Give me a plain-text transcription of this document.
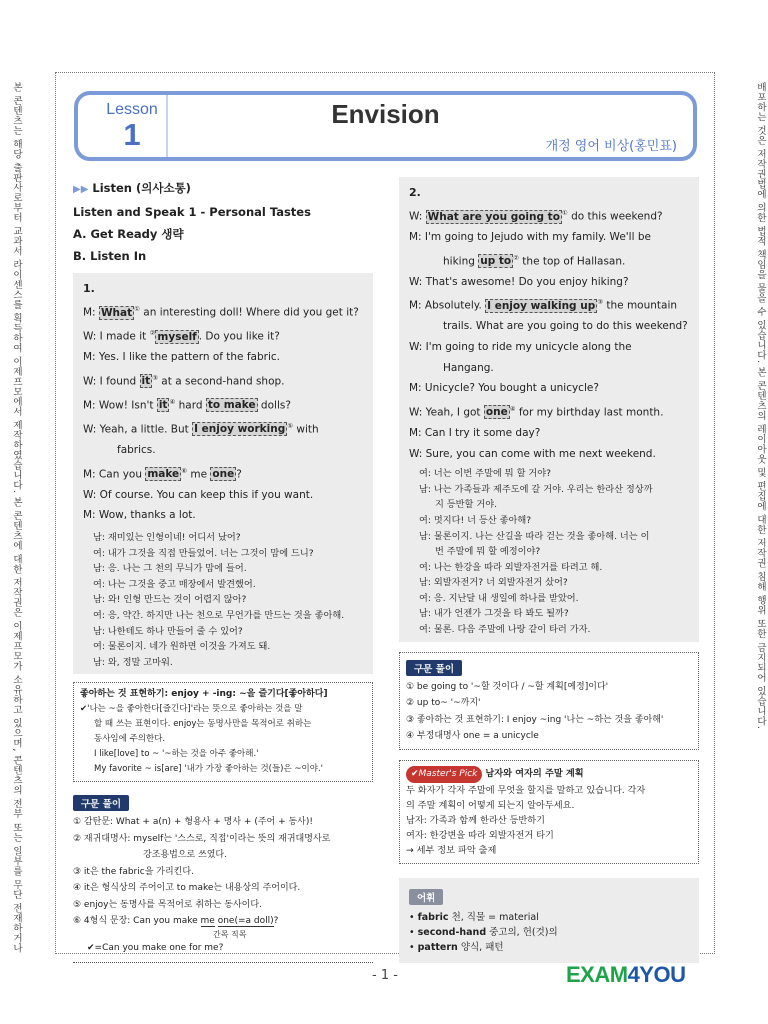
본 콘텐츠는 해당 출판사로부터 교과서 라이센스를 획득하여 이제프모에서 제작하였습니다. 본 콘텐츠에 대한 저작권은 이제프모가 소유하고 있으며, 콘텐츠의 전부 또는 일부를 무단 전재하거나	배포하는 것은 저작권법에 의한 법적 책임을 물을 수 있습니다. 본 콘텐츠의 레이아웃 및 편집에 대한 저작권 침해 행위 또한 금지되어 있습니다.
Lesson
1
Envision
개정 영어 비상(홍민표)
▶▶ Listen (의사소통)
Listen and Speak 1 - Personal Tastes
A. Get Ready 생략
B. Listen In
1.
M: What ① an interesting doll! Where did you get it?
W: I made it ② myself . Do you like it?
M: Yes. I like the pattern of the fabric.
W: I found it ③ at a second-hand shop.
M: Wow! Isn't it ④ hard to make dolls?
W: Yeah, a little. But I enjoy working ⑤ with
fabrics.
M: Can you make ⑥ me one ?
W: Of course. You can keep this if you want.
M: Wow, thanks a lot.
남: 재미있는 인형이네! 어디서 났어?
여: 내가 그것을 직접 만들었어. 너는 그것이 맘에 드니?
남: 응. 나는 그 천의 무늬가 맘에 들어.
여: 나는 그것을 중고 매장에서 발견했어.
남: 와! 인형 만드는 것이 어렵지 않아?
여: 응, 약간. 하지만 나는 천으로 무언가를 만드는 것을 좋아해.
남: 나한테도 하나 만들어 줄 수 있어?
여: 물론이지. 네가 원하면 이것을 가져도 돼.
남: 와, 정말 고마워.
좋아하는 것 표현하기: enjoy + -ing: ~을 즐기다[좋아하다]
✔'나는 ~을 좋아한다[즐긴다]'라는 뜻으로 좋아하는 것을 말
할 때 쓰는 표현이다. enjoy는 동명사만을 목적어로 취하는
동사임에 주의한다.
I like[love] to ~ '~하는 것을 아주 좋아해.'
My favorite ~ is[are] '내가 가장 좋아하는 것(들)은 ~이야.'
구문 풀이
① 감탄문: What + a(n) + 형용사 + 명사 + (주어 + 동사)!
② 재귀대명사: myself는 '스스로, 직접'이라는 뜻의 재귀대명사로
강조용법으로 쓰였다.
③ it은 the fabric을 가리킨다.
④ it은 형식상의 주어이고 to make는 내용상의 주어이다.
⑤ enjoy는 동명사를 목적어로 취하는 동사이다.
⑥ 4형식 문장: Can you make me one(=a doll)?
간목 직목
✔=Can you make one for me?
2.
W: What are you going to ① do this weekend?
M: I'm going to Jejudo with my family. We'll be
hiking up to ② the top of Hallasan.
W: That's awesome! Do you enjoy hiking?
M: Absolutely. I enjoy walking up ③ the mountain
trails. What are you going to do this weekend?
W: I'm going to ride my unicycle along the
Hangang.
M: Unicycle? You bought a unicycle?
W: Yeah, I got one ④ for my birthday last month.
M: Can I try it some day?
W: Sure, you can come with me next weekend.
여: 너는 이번 주말에 뭐 할 거야?
남: 나는 가족들과 제주도에 갈 거야. 우리는 한라산 정상까
지 등반할 거야.
여: 멋지다! 너 등산 좋아해?
남: 물론이지. 나는 산길을 따라 걷는 것을 좋아해. 너는 이
번 주말에 뭐 할 예정이야?
여: 나는 한강을 따라 외발자전거를 타려고 해.
남: 외발자전거? 너 외발자전거 샀어?
여: 응. 지난달 내 생일에 하나를 받았어.
남: 내가 언젠가 그것을 타 봐도 될까?
여: 물론. 다음 주말에 나랑 같이 타러 가자.
구문 풀이
① be going to '~할 것이다 / ~할 계획[예정]이다'
② up to~ '~까지'
③ 좋아하는 것 표현하기: I enjoy ~ing '나는 ~하는 것을 좋아해'
④ 부정대명사 one = a unicycle
✔Master's Pick 남자와 여자의 주말 계획
두 화자가 각자 주말에 무엇을 할지를 말하고 있습니다. 각자
의 주말 계획이 어떻게 되는지 알아두세요.
남자: 가족과 함께 한라산 등반하기
여자: 한강변을 따라 외발자전거 타기
→ 세부 정보 파악 출제
어휘
• fabric 천, 직물 = material
• second-hand 중고의, 헌(것)의
• pattern 양식, 패턴
- 1 -	EXAM4YOU
